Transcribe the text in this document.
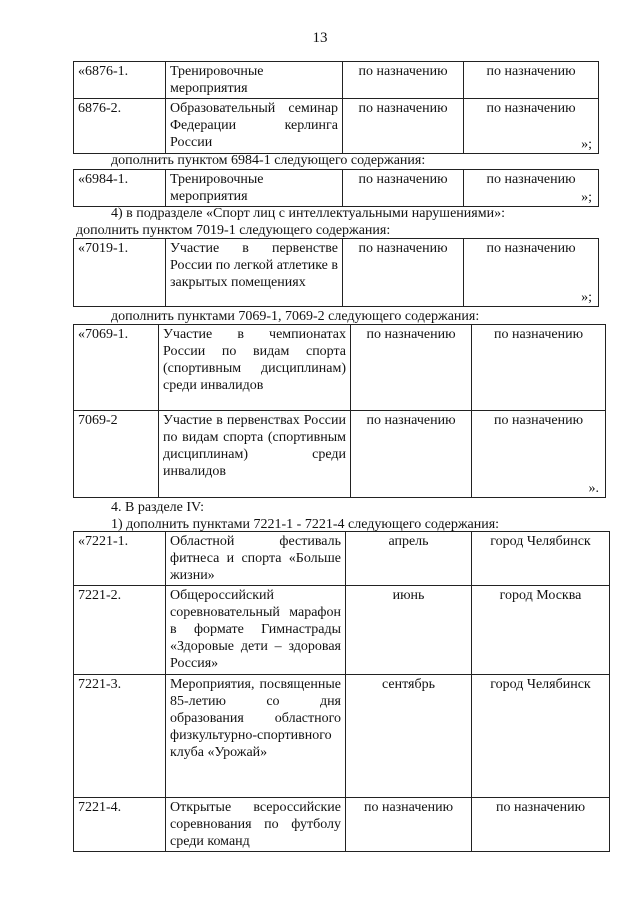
13
«6876-1.	Тренировочные мероприятия	по назначению	по назначению
6876-2.	Образовательный семинар Федерации керлинга России	по назначению	по назначению
»;
дополнить пунктом 6984-1 следующего содержания:
«6984-1.	Тренировочные мероприятия	по назначению	по назначению
»;
4) в подразделе «Спорт лиц с интеллектуальными нарушениями»:
дополнить пунктом 7019-1 следующего содержания:
«7019-1.	Участие в первенстве России по легкой атлетике в закрытых помещениях	по назначению	по назначению
»;
дополнить пунктами 7069-1, 7069-2 следующего содержания:
«7069-1.	Участие в чемпионатах России по видам спорта (спортивным дисциплинам) среди инвалидов	по назначению	по назначению
7069-2	Участие в первенствах России по видам спорта (спортивным дисциплинам) среди инвалидов	по назначению	по назначению
».
4. В разделе IV:
1) дополнить пунктами 7221-1 - 7221-4 следующего содержания:
«7221-1.	Областной фестиваль фитнеса и спорта «Больше жизни»	апрель	город Челябинск
7221-2.	Общероссийский соревновательный марафон в формате Гимнастрады «Здоровые дети – здоровая Россия»	июнь	город Москва
7221-3.	Мероприятия, посвященные 85-летию со дня образования областного физкультурно-спортивного клуба «Урожай»	сентябрь	город Челябинск
7221-4.	Открытые всероссийские соревнования по футболу среди команд	по назначению	по назначению
